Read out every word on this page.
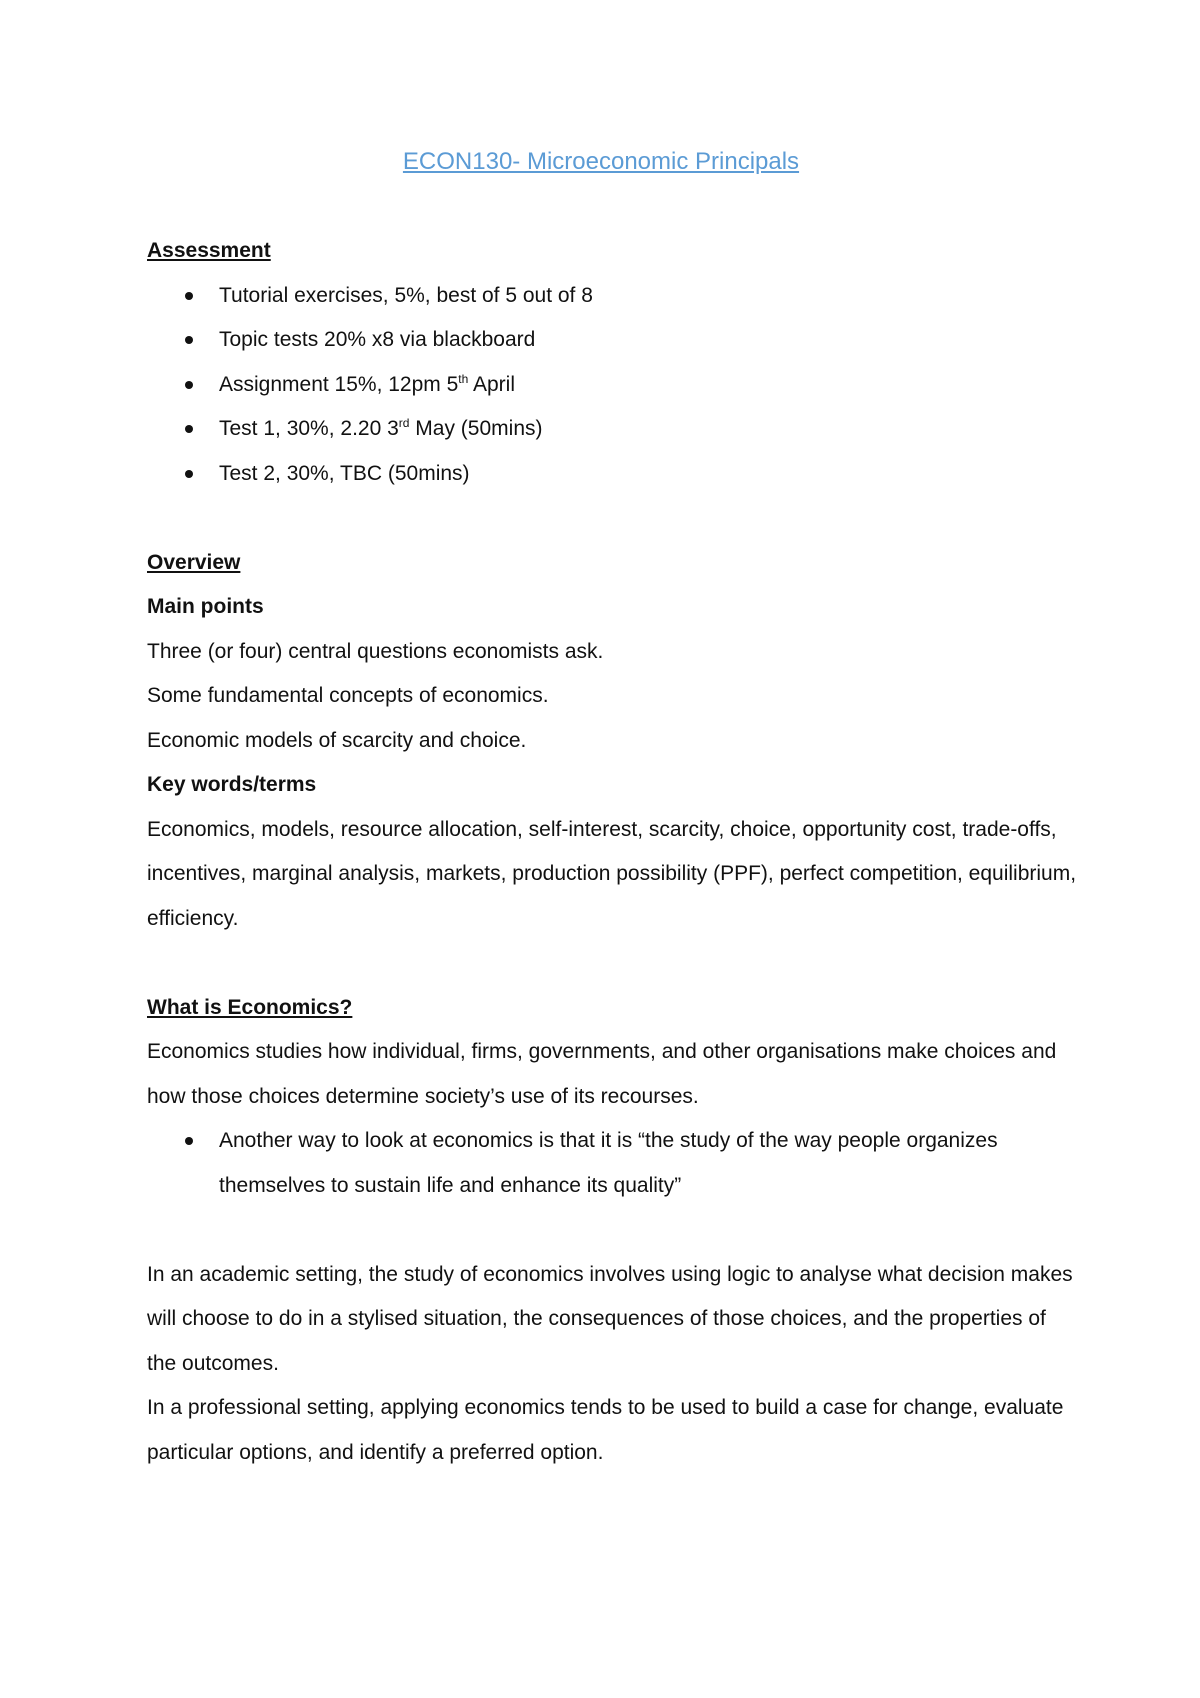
ECON130- Microeconomic Principals
Assessment
Tutorial exercises, 5%, best of 5 out of 8
Topic tests 20% x8 via blackboard
Assignment 15%, 12pm 5th April
Test 1, 30%, 2.20 3rd May (50mins)
Test 2, 30%, TBC (50mins)
Overview
Main points

Three (or four) central questions economists ask.

Some fundamental concepts of economics.

Economic models of scarcity and choice.

Key words/terms

Economics, models, resource allocation, self-interest, scarcity, choice, opportunity cost, trade-offs, incentives, marginal analysis, markets, production possibility (PPF), perfect competition, equilibrium, efficiency.

What is Economics?

Economics studies how individual, firms, governments, and other organisations make choices and how those choices determine society’s use of its recourses.

Another way to look at economics is that it is “the study of the way people organizes themselves to sustain life and enhance its quality”

In an academic setting, the study of economics involves using logic to analyse what decision makes will choose to do in a stylised situation, the consequences of those choices, and the properties of the outcomes.

In a professional setting, applying economics tends to be used to build a case for change, evaluate particular options, and identify a preferred option.
